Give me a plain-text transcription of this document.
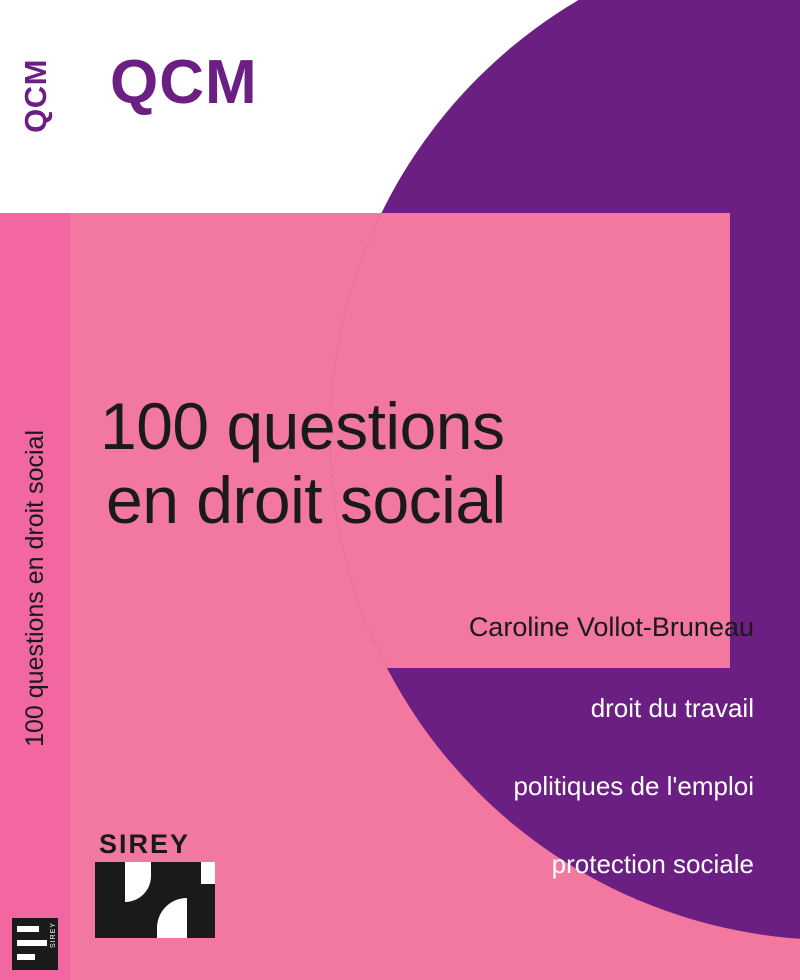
QCM
100 questions
en droit social
Caroline Vollot-Bruneau
droit du travail
politiques de l'emploi
protection sociale
SIREY
QCM
100 questions en droit social
SIREY
